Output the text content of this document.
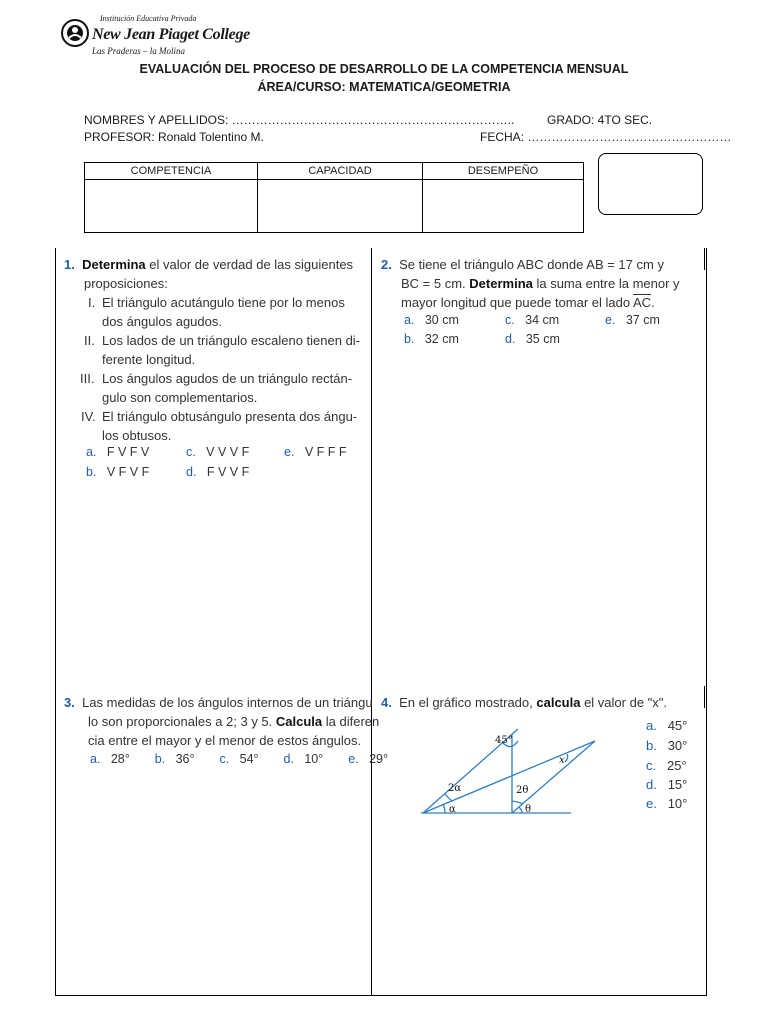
Institución Educativa Privada
New Jean Piaget College
Las Praderas – la Molina
EVALUACIÓN DEL PROCESO DE DESARROLLO DE LA COMPETENCIA MENSUAL
ÁREA/CURSO: MATEMATICA/GEOMETRIA
NOMBRES Y APELLIDOS: ……………………………………………………………..	GRADO: 4TO SEC.
PROFESOR: Ronald Tolentino M.	FECHA: ……………………………………………
COMPETENCIA	CAPACIDAD	DESEMPEÑO

1. Determina el valor de verdad de las siguientes
proposiciones:
I. El triángulo acutángulo tiene por lo menos
dos ángulos agudos.
II. Los lados de un triángulo escaleno tienen di-
ferente longitud.
III. Los ángulos agudos de un triángulo rectán-
gulo son complementarios.
IV. El triángulo obtusángulo presenta dos ángu-
los obtusos.
a. F V F V	c. V V V F	e. V F F F
b. V F V F	d. F V V F
2. Se tiene el triángulo ABC donde AB = 17 cm y
BC = 5 cm. Determina la suma entre la menor y
mayor longitud que puede tomar el lado $\overline{AC}$.
a. 30 cm	c. 34 cm	e. 37 cm
b. 32 cm	d. 35 cm
3. Las medidas de los ángulos internos de un triángu
lo son proporcionales a 2; 3 y 5. Calcula la diferen
cia entre el mayor y el menor de estos ángulos.
a. 28° b. 36° c. 54° d. 10° e. 29°
4. En el gráfico mostrado, calcula el valor de "x".
a. 45°
b. 30°
c. 25°
d. 15°
e. 10°
45°
x
2α
α
2θ
θ
